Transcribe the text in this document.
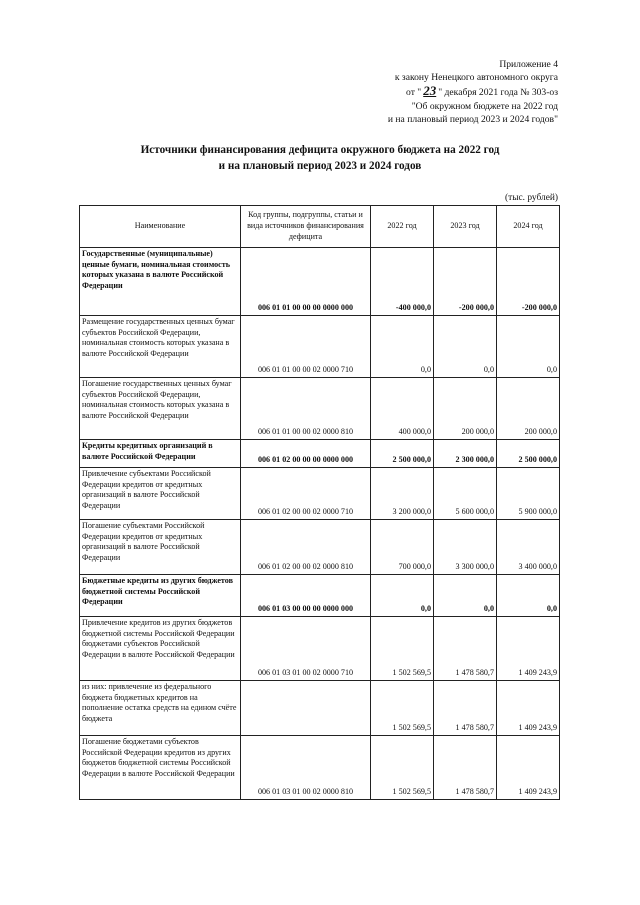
Приложение 4
к закону Ненецкого автономного округа
от " 23 " декабря 2021 года № 303-оз
"Об окружном бюджете на 2022 год
и на плановый период 2023 и 2024 годов"
Источники финансирования дефицита окружного бюджета на 2022 год
и на плановый период 2023 и 2024 годов
(тыс. рублей)
Наименование	Код группы, подгруппы, статьи и вида источников финансирования дефицита	2022 год	2023 год	2024 год
Государственные (муниципальные) ценные бумаги, номинальная стоимость которых указана в валюте Российской Федерации	006 01 01 00 00 00 0000 000	-400 000,0	-200 000,0	-200 000,0
Размещение государственных ценных бумаг субъектов Российской Федерации, номинальная стоимость которых указана в валюте Российской Федерации	006 01 01 00 00 02 0000 710	0,0	0,0	0,0
Погашение государственных ценных бумаг субъектов Российской Федерации, номинальная стоимость которых указана в валюте Российской Федерации	006 01 01 00 00 02 0000 810	400 000,0	200 000,0	200 000,0
Кредиты кредитных организаций в валюте Российской Федерации	006 01 02 00 00 00 0000 000	2 500 000,0	2 300 000,0	2 500 000,0
Привлечение субъектами Российской Федерации кредитов от кредитных организаций в валюте Российской Федерации	006 01 02 00 00 02 0000 710	3 200 000,0	5 600 000,0	5 900 000,0
Погашение субъектами Российской Федерации кредитов от кредитных организаций в валюте Российской Федерации	006 01 02 00 00 02 0000 810	700 000,0	3 300 000,0	3 400 000,0
Бюджетные кредиты из других бюджетов бюджетной системы Российской Федерации	006 01 03 00 00 00 0000 000	0,0	0,0	0,0
Привлечение кредитов из других бюджетов бюджетной системы Российской Федерации бюджетами субъектов Российской Федерации в валюте Российской Федерации	006 01 03 01 00 02 0000 710	1 502 569,5	1 478 580,7	1 409 243,9
из них: привлечение из федерального бюджета бюджетных кредитов на пополнение остатка средств на едином счёте бюджета		1 502 569,5	1 478 580,7	1 409 243,9
Погашение бюджетами субъектов Российской Федерации кредитов из других бюджетов бюджетной системы Российской Федерации в валюте Российской Федерации	006 01 03 01 00 02 0000 810	1 502 569,5	1 478 580,7	1 409 243,9
